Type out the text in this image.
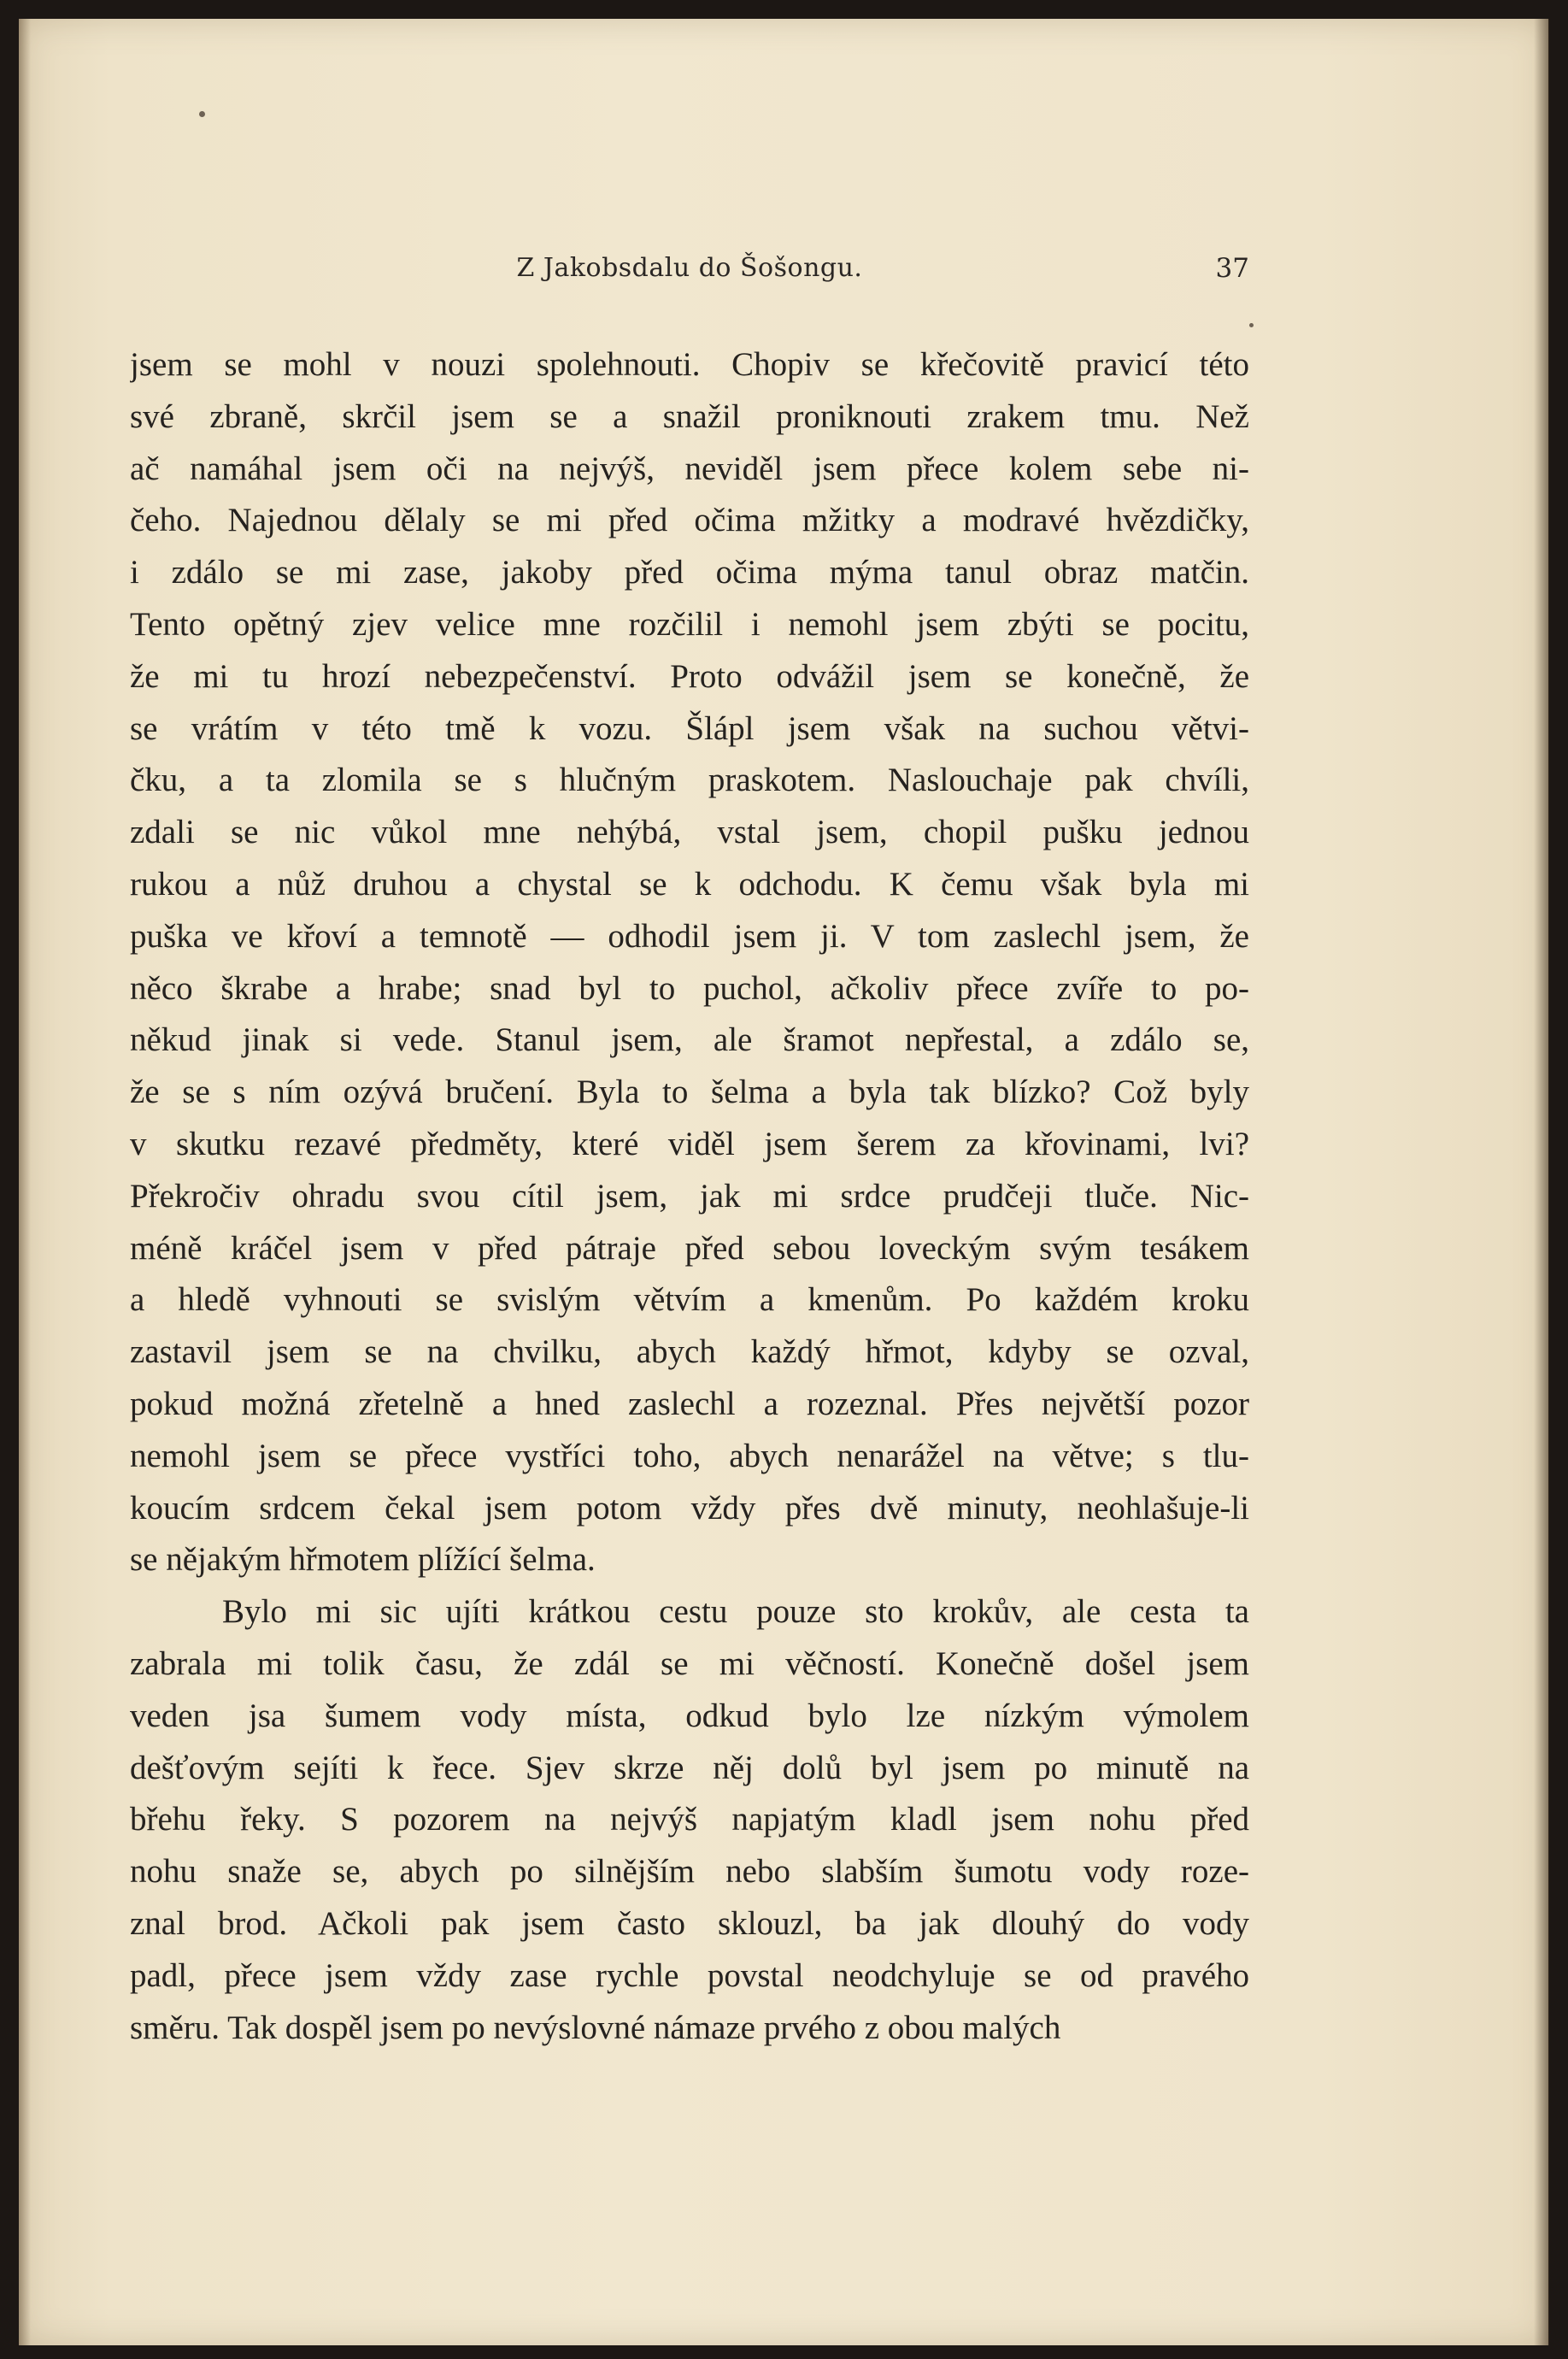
Z Jakobsdalu do Šošongu.	37
jsem se mohl v nouzi spolehnouti. Chopiv se křečovitě pravicí této
své zbraně, skrčil jsem se a snažil proniknouti zrakem tmu. Než
ač namáhal jsem oči na nejvýš, neviděl jsem přece kolem sebe ni-
čeho. Najednou dělaly se mi před očima mžitky a modravé hvězdičky,
i zdálo se mi zase, jakoby před očima mýma tanul obraz matčin.
Tento opětný zjev velice mne rozčilil i nemohl jsem zbýti se pocitu,
že mi tu hrozí nebezpečenství. Proto odvážil jsem se konečně, že
se vrátím v této tmě k vozu. Šlápl jsem však na suchou větvi-
čku, a ta zlomila se s hlučným praskotem. Naslouchaje pak chvíli,
zdali se nic vůkol mne nehýbá, vstal jsem, chopil pušku jednou
rukou a nůž druhou a chystal se k odchodu. K čemu však byla mi
puška ve křoví a temnotě — odhodil jsem ji. V tom zaslechl jsem, že
něco škrabe a hrabe; snad byl to puchol, ačkoliv přece zvíře to po-
někud jinak si vede. Stanul jsem, ale šramot nepřestal, a zdálo se,
že se s ním ozývá bručení. Byla to šelma a byla tak blízko? Což byly
v skutku rezavé předměty, které viděl jsem šerem za křovinami, lvi?
Překročiv ohradu svou cítil jsem, jak mi srdce prudčeji tluče. Nic-
méně kráčel jsem v před pátraje před sebou loveckým svým tesákem
a hledě vyhnouti se svislým větvím a kmenům. Po každém kroku
zastavil jsem se na chvilku, abych každý hřmot, kdyby se ozval,
pokud možná zřetelně a hned zaslechl a rozeznal. Přes největší pozor
nemohl jsem se přece vystříci toho, abych nenarážel na větve; s tlu-
koucím srdcem čekal jsem potom vždy přes dvě minuty, neohlašuje-li
se nějakým hřmotem plížící šelma.
Bylo mi sic ujíti krátkou cestu pouze sto krokův, ale cesta ta
zabrala mi tolik času, že zdál se mi věčností. Konečně došel jsem
veden jsa šumem vody místa, odkud bylo lze nízkým výmolem
dešťovým sejíti k řece. Sjev skrze něj dolů byl jsem po minutě na
břehu řeky. S pozorem na nejvýš napjatým kladl jsem nohu před
nohu snaže se, abych po silnějším nebo slabším šumotu vody roze-
znal brod. Ačkoli pak jsem často sklouzl, ba jak dlouhý do vody
padl, přece jsem vždy zase rychle povstal neodchyluje se od pravého
směru. Tak dospěl jsem po nevýslovné námaze prvého z obou malých
